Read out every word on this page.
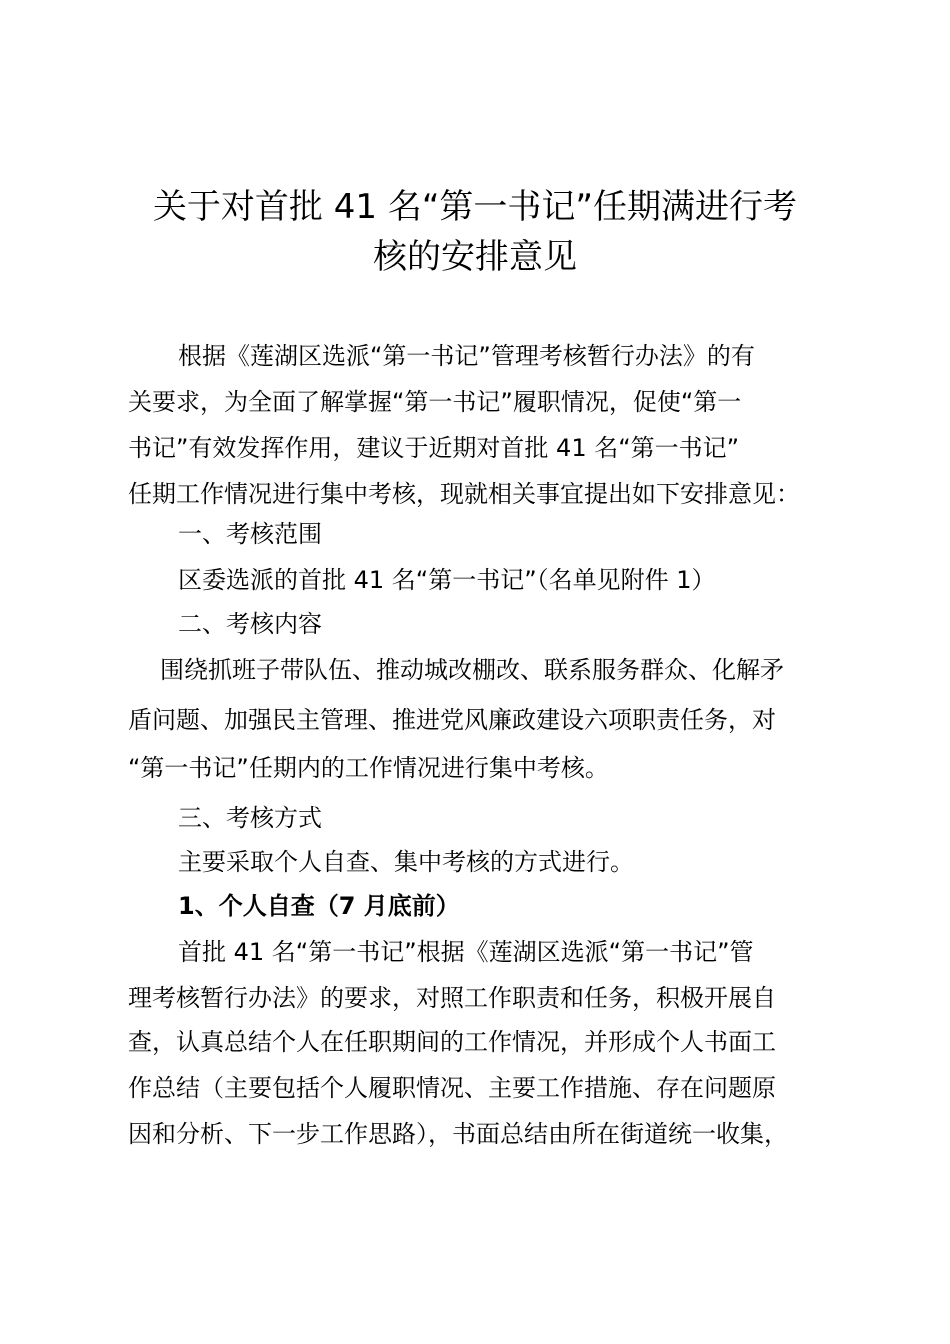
关于对首批 41 名“第一书记”任期满进行考
核的安排意见
根据《莲湖区选派“第一书记”管理考核暂行办法》的有
关要求，为全面了解掌握“第一书记”履职情况，促使“第一
书记”有效发挥作用，建议于近期对首批 41 名“第一书记”
任期工作情况进行集中考核，现就相关事宜提出如下安排意见：
一、考核范围
区委选派的首批 41 名“第一书记”（名单见附件 1）
二、考核内容
围绕抓班子带队伍、推动城改棚改、联系服务群众、化解矛
盾问题、加强民主管理、推进党风廉政建设六项职责任务，对
“第一书记”任期内的工作情况进行集中考核。
三、考核方式
主要采取个人自查、集中考核的方式进行。
1、个人自查（7 月底前）
首批 41 名“第一书记”根据《莲湖区选派“第一书记”管
理考核暂行办法》的要求，对照工作职责和任务，积极开展自
查，认真总结个人在任职期间的工作情况，并形成个人书面工
作总结（主要包括个人履职情况、主要工作措施、存在问题原
因和分析、下一步工作思路），书面总结由所在街道统一收集，
